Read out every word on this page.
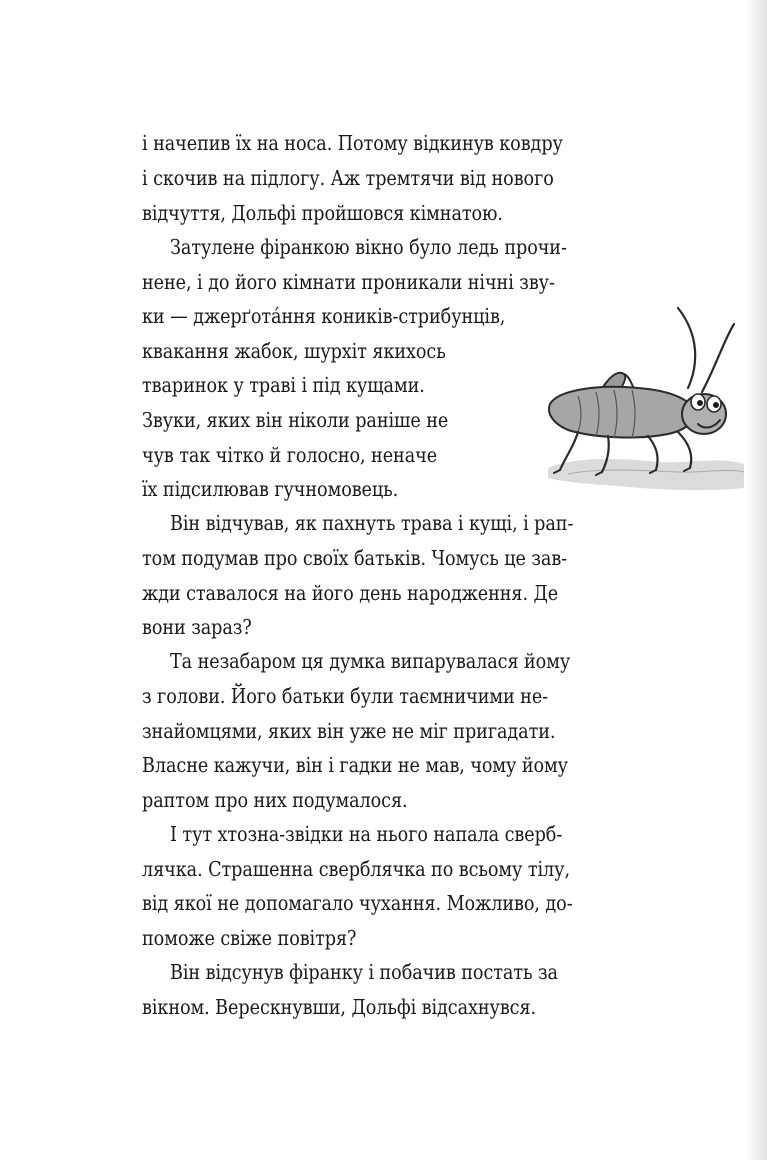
і начепив їх на носа. Потому відкинув ковдру
і скочив на підлогу. Аж тремтячи від нового
відчуття, Дольфі пройшовся кімнатою.
Затулене фіранкою вікно було ледь прочи-
нене, і до його кімнати проникали нічні зву-
ки — джерґота́ння коників-стрибунців,
квакання жабок, шурхіт якихось
тваринок у траві і під кущами.
Звуки, яких він ніколи раніше не
чув так чітко й голосно, неначе
їх підсилював гучномовець.
Він відчував, як пахнуть трава і кущі, і рап-
том подумав про своїх батьків. Чомусь це зав-
жди ставалося на його день народження. Де
вони зараз?
Та незабаром ця думка випарувалася йому
з голови. Його батьки були таємничими не-
знайомцями, яких він уже не міг пригадати.
Власне кажучи, він і гадки не мав, чому йому
раптом про них подумалося.
І тут хтозна-звідки на нього напала сверб-
лячка. Страшенна сверблячка по всьому тілу,
від якої не допомагало чухання. Можливо, до-
поможе свіже повітря?
Він відсунув фіранку і побачив постать за
вікном. Верескнувши, Дольфі відсахнувся.
